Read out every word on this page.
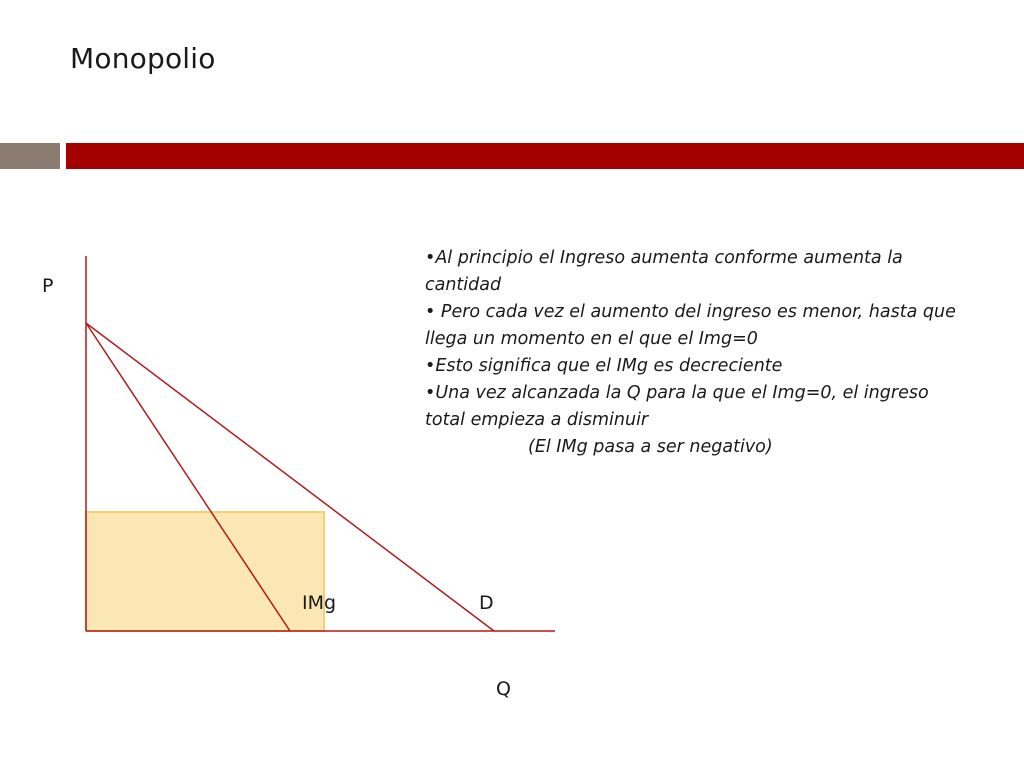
Monopolio

•Al principio el Ingreso aumenta conforme aumenta la cantidad

• Pero cada vez el aumento del ingreso es menor, hasta que llega un momento en el que el Img=0

•Esto significa que el IMg es decreciente

•Una vez alcanzada la Q para la que el Img=0, el ingreso total empieza a disminuir

(El IMg pasa a ser negativo)

P
Q
IMg	D
